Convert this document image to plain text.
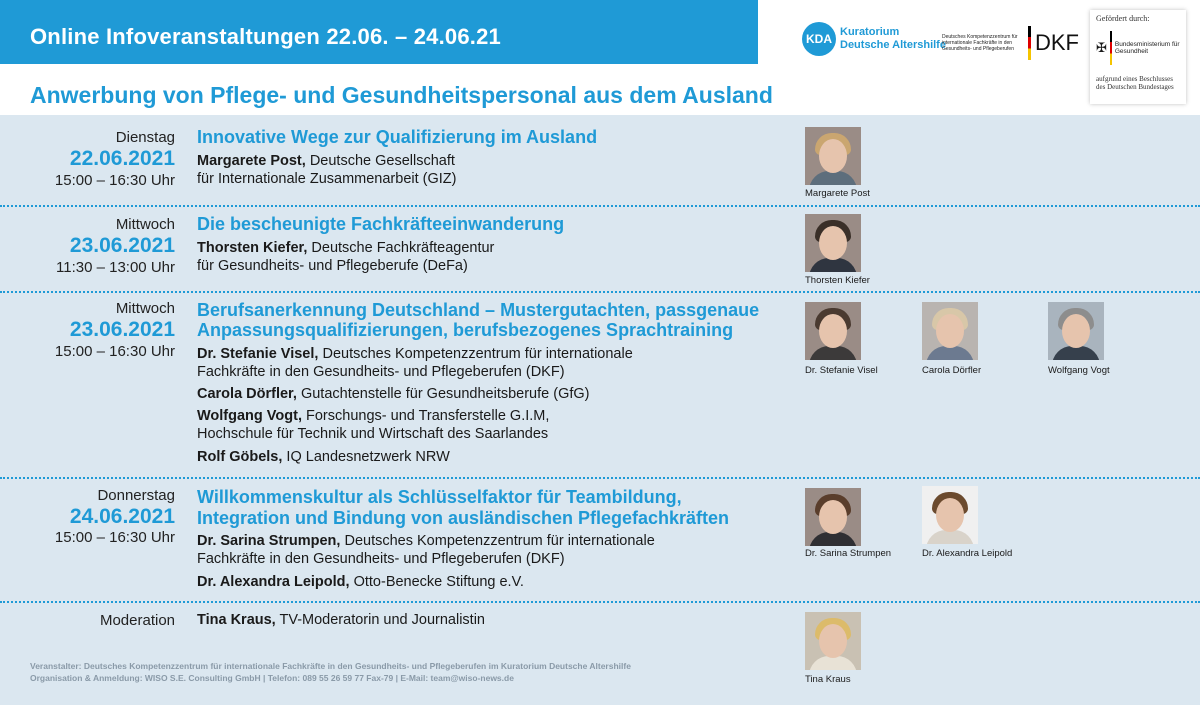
Online Infoveranstaltungen 22.06. – 24.06.21
Anwerbung von Pflege- und Gesundheitspersonal aus dem Ausland
KDA Kuratorium
Deutsche Altershilfe
Deutsches Kompetenzzentrum für internationale Fachkräfte in den Gesundheits- und Pflegeberufen DKF
Gefördert durch:
✠ Bundesministerium für Gesundheit
aufgrund eines Beschlusses des Deutschen Bundestages
Dienstag
22.06.2021
15:00 – 16:30 Uhr
Innovative Wege zur Qualifizierung im Ausland
Margarete Post, Deutsche Gesellschaft
für Internationale Zusammenarbeit (GIZ)
Margarete Post
Mittwoch
23.06.2021
11:30 – 13:00 Uhr
Die bescheunigte Fachkräfteeinwanderung
Thorsten Kiefer, Deutsche Fachkräfteagentur
für Gesundheits- und Pflegeberufe (DeFa)
Thorsten Kiefer
Mittwoch
23.06.2021
15:00 – 16:30 Uhr
Berufsanerkennung Deutschland – Mustergutachten, passgenaue
Anpassungsqualifizierungen, berufsbezogenes Sprachtraining
Dr. Stefanie Visel, Deutsches Kompetenzzentrum für internationale
Fachkräfte in den Gesundheits- und Pflegeberufen (DKF)
Carola Dörfler, Gutachtenstelle für Gesundheitsberufe (GfG)
Wolfgang Vogt, Forschungs- und Transferstelle G.I.M,
Hochschule für Technik und Wirtschaft des Saarlandes
Rolf Göbels, IQ Landesnetzwerk NRW
Dr. Stefanie Visel	Carola Dörfler	Wolfgang Vogt
Donnerstag
24.06.2021
15:00 – 16:30 Uhr
Willkommenskultur als Schlüsselfaktor für Teambildung,
Integration und Bindung von ausländischen Pflegefachkräften
Dr. Sarina Strumpen, Deutsches Kompetenzzentrum für internationale
Fachkräfte in den Gesundheits- und Pflegeberufen (DKF)
Dr. Alexandra Leipold, Otto-Benecke Stiftung e.V.
Dr. Sarina Strumpen	Dr. Alexandra Leipold
Moderation Tina Kraus, TV-Moderatorin und Journalistin
Tina Kraus
Veranstalter: Deutsches Kompetenzzentrum für internationale Fachkräfte in den Gesundheits- und Pflegeberufen im Kuratorium Deutsche Altershilfe
Organisation & Anmeldung: WISO S.E. Consulting GmbH | Telefon: 089 55 26 59 77 Fax-79 | E-Mail: team@wiso-news.de
